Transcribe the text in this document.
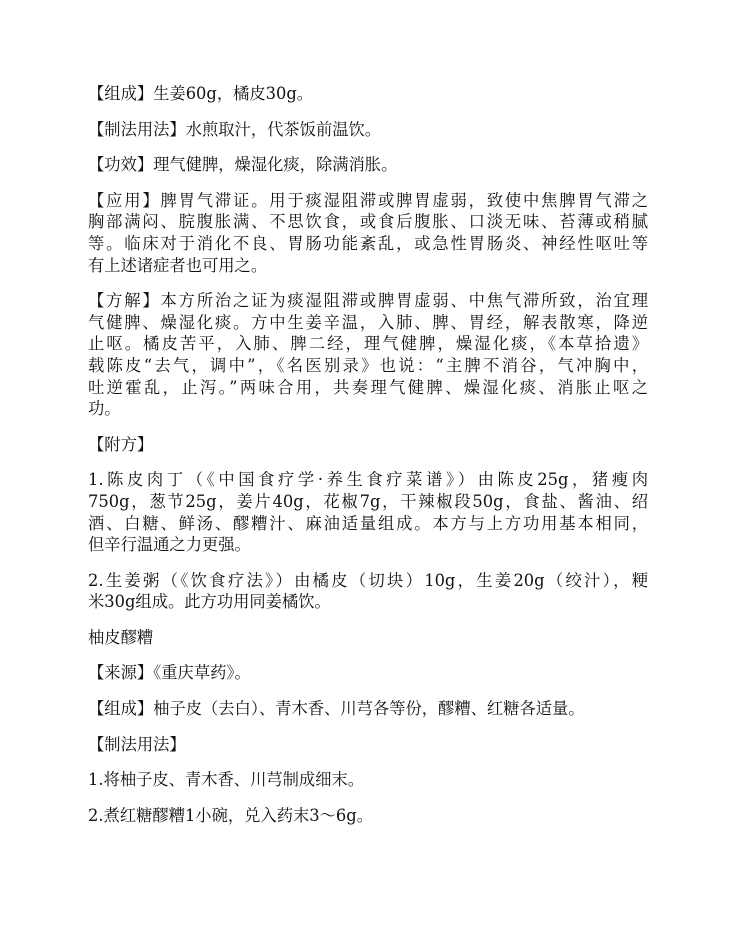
【组成】生姜60g，橘皮30g。

【制法用法】水煎取汁，代茶饭前温饮。

【功效】理气健脾，燥湿化痰，除满消胀。

【应用】脾胃气滞证。用于痰湿阻滞或脾胃虚弱，致使中焦脾胃气滞之
胸部满闷、脘腹胀满、不思饮食，或食后腹胀、口淡无味、苔薄或稍腻
等。临床对于消化不良、胃肠功能紊乱，或急性胃肠炎、神经性呕吐等
有上述诸症者也可用之。

【方解】本方所治之证为痰湿阻滞或脾胃虚弱、中焦气滞所致，治宜理
气健脾、燥湿化痰。方中生姜辛温，入肺、脾、胃经，解表散寒，降逆
止呕。橘皮苦平，入肺、脾二经，理气健脾，燥湿化痰，《本草拾遗》
载陈皮“去气，调中”，《名医别录》也说：“主脾不消谷，气冲胸中，
吐逆霍乱，止泻。”两味合用，共奏理气健脾、燥湿化痰、消胀止呕之
功。

【附方】

1.陈皮肉丁（《中国食疗学·养生食疗菜谱》）由陈皮25g，猪瘦肉
750g，葱节25g，姜片40g，花椒7g，干辣椒段50g，食盐、酱油、绍
酒、白糖、鲜汤、醪糟汁、麻油适量组成。本方与上方功用基本相同，
但辛行温通之力更强。

2.生姜粥（《饮食疗法》）由橘皮（切块）10g，生姜20g（绞汁），粳
米30g组成。此方功用同姜橘饮。

柚皮醪糟

【来源】《重庆草药》。

【组成】柚子皮（去白）、青木香、川芎各等份，醪糟、红糖各适量。

【制法用法】

1.将柚子皮、青木香、川芎制成细末。

2.煮红糖醪糟1小碗，兑入药末3～6g。
